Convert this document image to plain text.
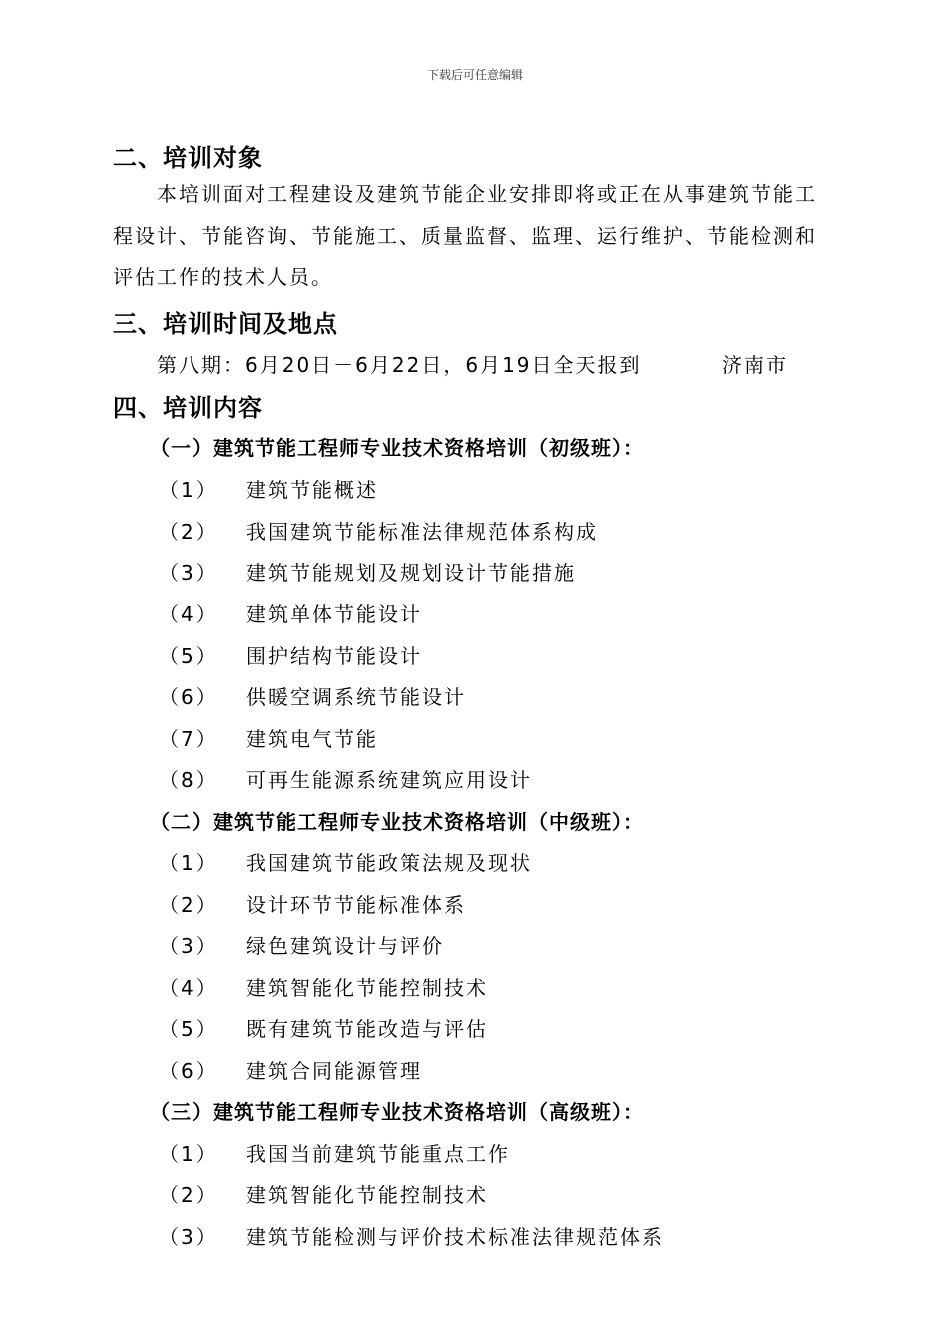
下载后可任意编辑
二、培训对象

本培训面对工程建设及建筑节能企业安排即将或正在从事建筑节能工程设计、节能咨询、节能施工、质量监督、监理、运行维护、节能检测和评估工作的技术人员。

三、培训时间及地点
第八期：6月20日－6月22日，6月19日全天报到	济南市
四、培训内容
（一）建筑节能工程师专业技术资格培训（初级班）：
（1） 建筑节能概述
（2） 我国建筑节能标准法律规范体系构成
（3） 建筑节能规划及规划设计节能措施
（4） 建筑单体节能设计
（5） 围护结构节能设计
（6） 供暖空调系统节能设计
（7） 建筑电气节能
（8） 可再生能源系统建筑应用设计
（二）建筑节能工程师专业技术资格培训（中级班）：
（1） 我国建筑节能政策法规及现状
（2） 设计环节节能标准体系
（3） 绿色建筑设计与评价
（4） 建筑智能化节能控制技术
（5） 既有建筑节能改造与评估
（6） 建筑合同能源管理
（三）建筑节能工程师专业技术资格培训（高级班）：
（1） 我国当前建筑节能重点工作
（2） 建筑智能化节能控制技术
（3） 建筑节能检测与评价技术标准法律规范体系
